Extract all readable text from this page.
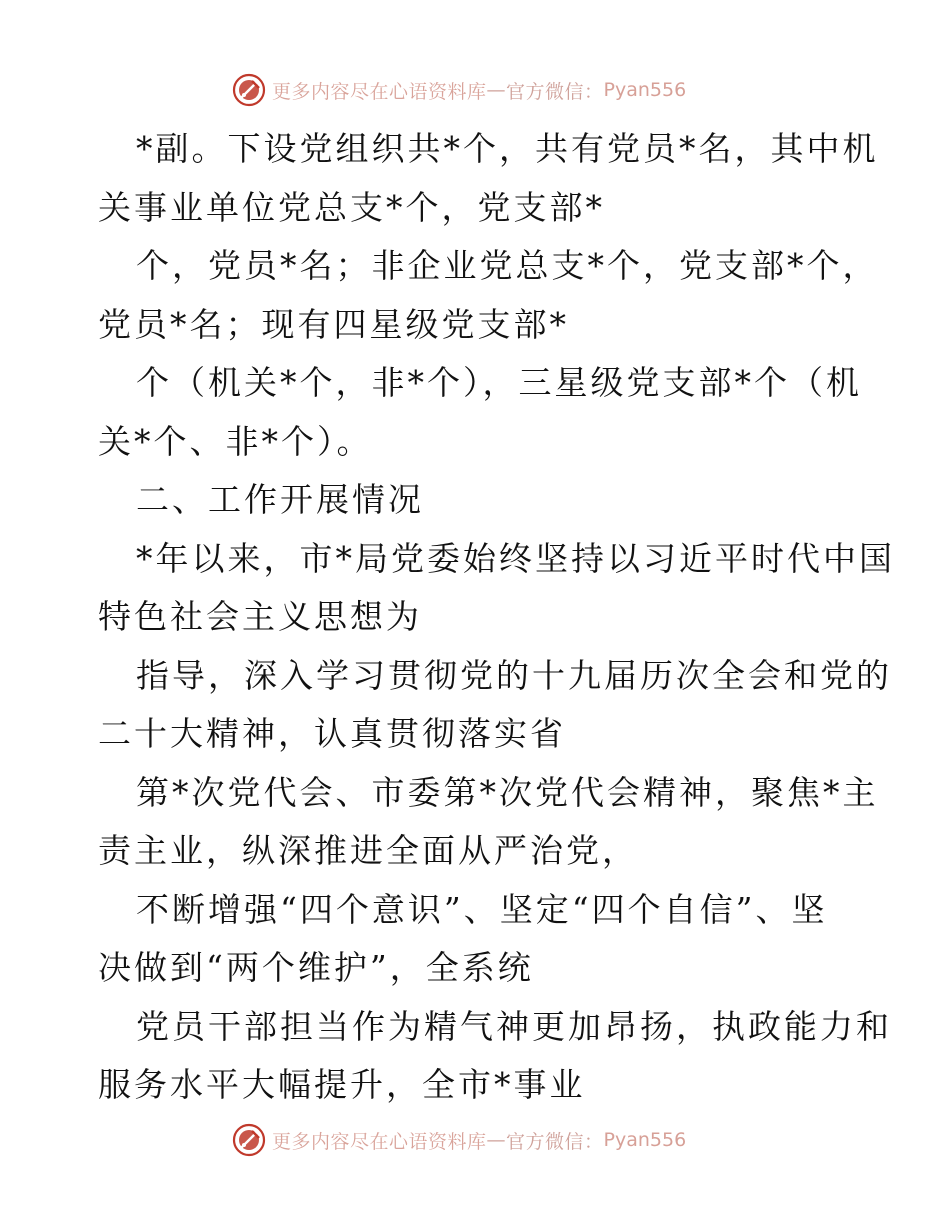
更多内容尽在心语资料库 — 官方微信： Pyan556
*副。下设党组织共*个，共有党员*名，其中机
关事业单位党总支*个，党支部*
个，党员*名；非企业党总支*个，党支部*个，
党员*名；现有四星级党支部*
个（机关*个，非*个），三星级党支部*个（机
关*个、非*个）。
二、工作开展情况
*年以来，市*局党委始终坚持以习近平时代中国
特色社会主义思想为
指导，深入学习贯彻党的十九届历次全会和党的
二十大精神，认真贯彻落实省
第*次党代会、市委第*次党代会精神，聚焦*主
责主业，纵深推进全面从严治党，
不断增强“四个意识”、坚定“四个自信”、坚
决做到“两个维护”，全系统
党员干部担当作为精气神更加昂扬，执政能力和
服务水平大幅提升，全市*事业
更多内容尽在心语资料库 — 官方微信： Pyan556
